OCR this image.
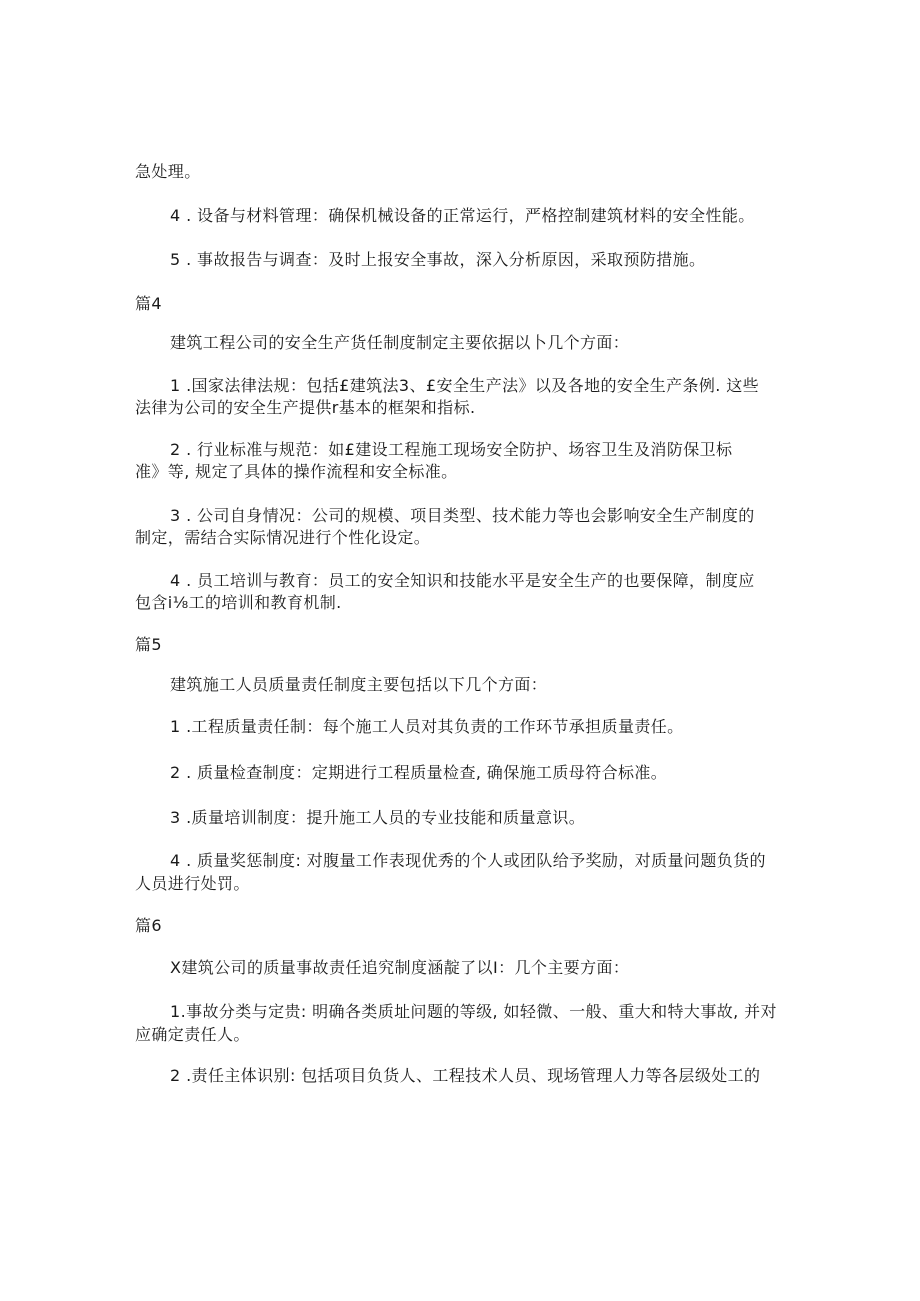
急处理。
4 . 设备与材料管理：确保机械设备的正常运行，严格控制建筑材料的安全性能。
5 . 事故报告与调查：及时上报安全事故，深入分析原因，采取预防措施。
篇4
建筑工程公司的安全生产货任制度制定主要依据以卜几个方面：
1 .国家法律法规：包括£建筑法3、£安全生产法》以及各地的安全生产条例. 这些
法律为公司的安全生产提供r基本的框架和指标.
2 . 行业标准与规范：如£建设工程施工现场安全防护、场容卫生及消防保卫标
准》等, 规定了具体的操作流程和安全标准。
3 . 公司自身情况：公司的规模、项目类型、技术能力等也会影响安全生产制度的
制定，需结合实际情况进行个性化设定。
4 . 员工培训与教育：员工的安全知识和技能水平是安全生产的也要保障，制度应
包含i⅛工的培训和教育机制.
篇5
建筑施工人员质量责任制度主要包括以下几个方面：
1 .工程质量责任制：每个施工人员对其负责的工作环节承担质量责任。
2 . 质量检查制度：定期进行工程质量检查, 确保施工质母符合标准。
3 .质量培训制度：提升施工人员的专业技能和质量意识。
4 . 质量奖惩制度: 对腹量工作表现优秀的个人或团队给予奖励，对质量问题负货的
人员进行处罚。
篇6
X建筑公司的质量事故责任追究制度涵靛了以I：几个主要方面：
1.事故分类与定贵: 明确各类质址问题的等级, 如轻微、一般、重大和特大事故, 并对
应确定责任人。
2 .责任主体识别: 包括项目负货人、工程技术人员、现场管理人力等各层级处工的
